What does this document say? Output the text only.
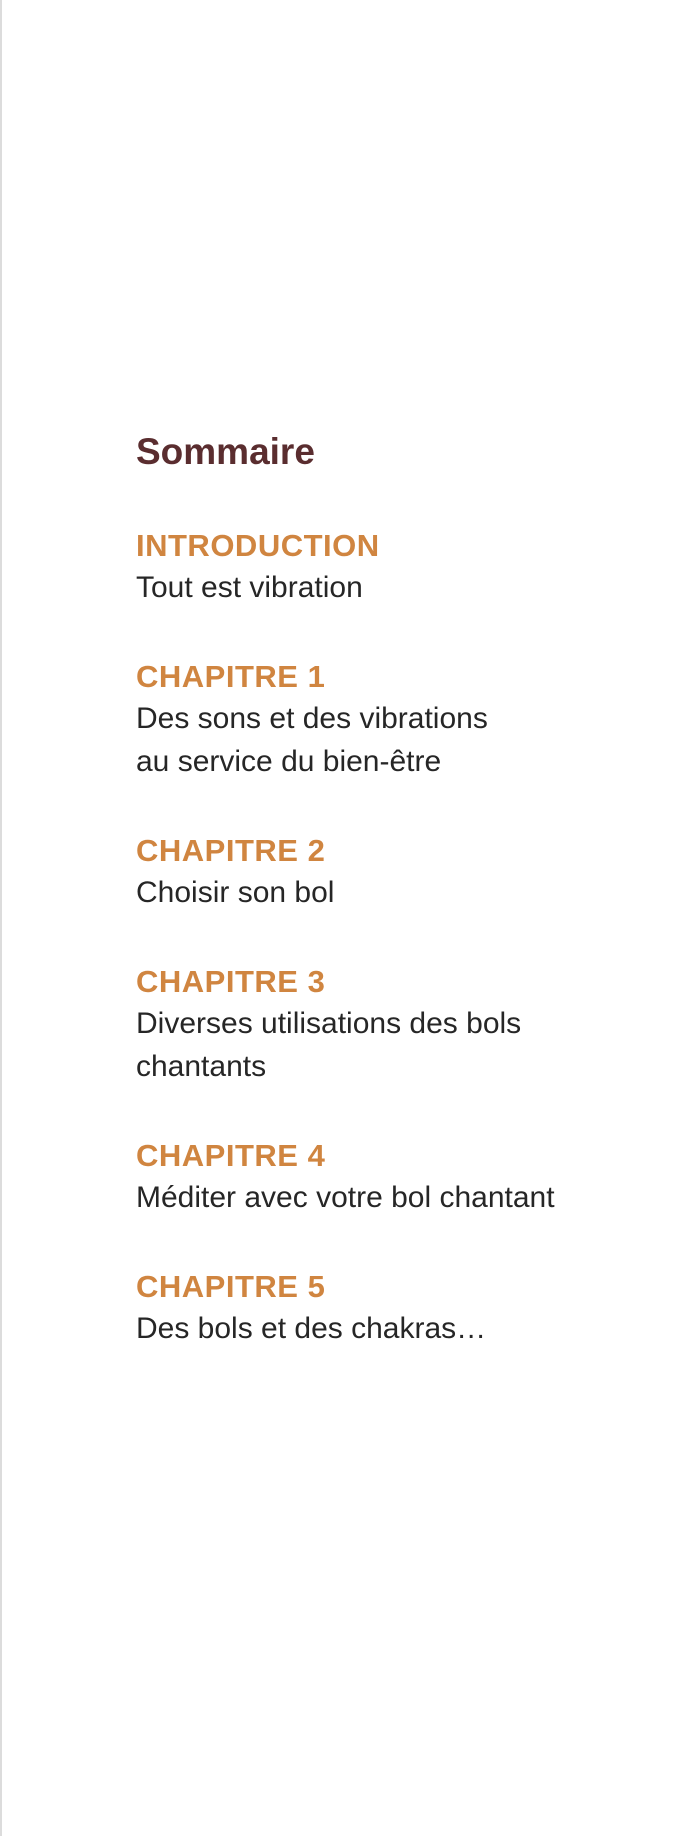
Sommaire
INTRODUCTION
Tout est vibration
CHAPITRE 1
Des sons et des vibrations
au service du bien-être
CHAPITRE 2
Choisir son bol
CHAPITRE 3
Diverses utilisations des bols
chantants
CHAPITRE 4
Méditer avec votre bol chantant
CHAPITRE 5
Des bols et des chakras…
